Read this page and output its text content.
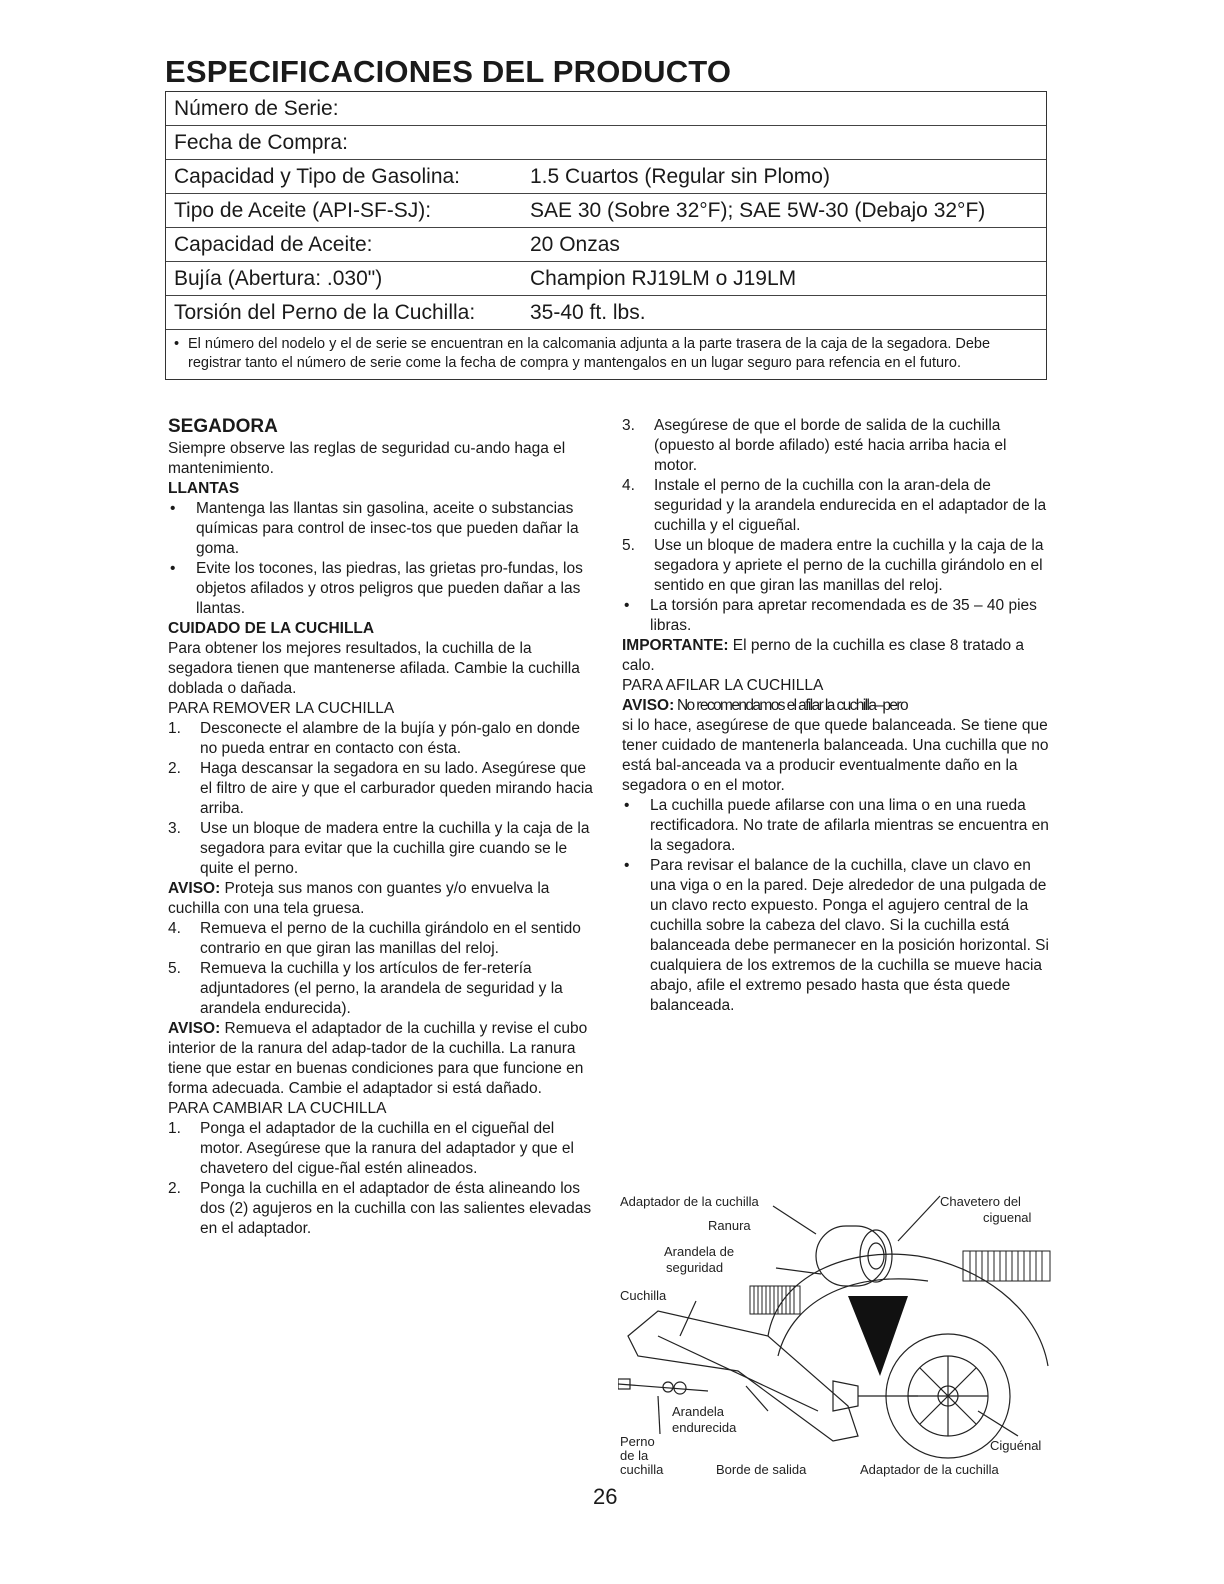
ESPECIFICACIONES DEL PRODUCTO
Número de Serie:
Fecha de Compra:
Capacidad y Tipo de Gasolina:	1.5 Cuartos (Regular sin Plomo)
Tipo de Aceite (API-SF-SJ):	SAE 30 (Sobre 32°F); SAE 5W-30 (Debajo 32°F)
Capacidad de Aceite:	20 Onzas
Bujía (Abertura: .030")	Champion RJ19LM o J19LM
Torsión del Perno de la Cuchilla:	35-40 ft. lbs.
• El número del nodelo y el de serie se encuentran en la calcomania adjunta a la parte trasera de la caja de la segadora. Debe registrar tanto el número de serie come la fecha de compra y mantengalos en un lugar seguro para refencia en el futuro.
SEGADORA
Siempre observe las reglas de seguridad cu-ando haga el mantenimiento.
LLANTAS
•	Mantenga las llantas sin gasolina, aceite o substancias químicas para control de insec-tos que pueden dañar la goma.
•	Evite los tocones, las piedras, las grietas pro-fundas, los objetos afilados y otros peligros que pueden dañar a las llantas.
CUIDADO DE LA CUCHILLA
Para obtener los mejores resultados, la cuchilla de la segadora tienen que mantenerse afilada. Cambie la cuchilla doblada o dañada.
PARA REMOVER LA CUCHILLA
1.	Desconecte el alambre de la bujía y pón-galo en donde no pueda entrar en contacto con ésta.
2.	Haga descansar la segadora en su lado. Asegúrese que el filtro de aire y que el carburador queden mirando hacia arriba.
3.	Use un bloque de madera entre la cuchilla y la caja de la segadora para evitar que la cuchilla gire cuando se le quite el perno.
AVISO: Proteja sus manos con guantes y/o envuelva la cuchilla con una tela gruesa.
4.	Remueva el perno de la cuchilla girándolo en el sentido contrario en que giran las manillas del reloj.
5.	Remueva la cuchilla y los artículos de fer-retería adjuntadores (el perno, la arandela de seguridad y la arandela endurecida).
AVISO: Remueva el adaptador de la cuchilla y revise el cubo interior de la ranura del adap-tador de la cuchilla. La ranura tiene que estar en buenas condiciones para que funcione en forma adecuada. Cambie el adaptador si está dañado.
PARA CAMBIAR LA CUCHILLA
1.	Ponga el adaptador de la cuchilla en el cigueñal del motor. Asegúrese que la ranura del adaptador y que el chavetero del cigue-ñal estén alineados.
2.	Ponga la cuchilla en el adaptador de ésta alineando los dos (2) agujeros en la cuchilla con las salientes elevadas en el adaptador.
3.	Asegúrese de que el borde de salida de la cuchilla (opuesto al borde afilado) esté hacia arriba hacia el motor.
4.	Instale el perno de la cuchilla con la aran-dela de seguridad y la arandela endurecida en el adaptador de la cuchilla y el cigueñal.
5.	Use un bloque de madera entre la cuchilla y la caja de la segadora y apriete el perno de la cuchilla girándolo en el sentido en que giran las manillas del reloj.
•	La torsión para apretar recomendada es de 35 – 40 pies libras.
IMPORTANTE: El perno de la cuchilla es clase 8 tratado a calo.
PARA AFILAR LA CUCHILLA
AVISO: No recomendamos el afilar la cuchilla–pero
si lo hace, asegúrese de que quede balanceada. Se tiene que tener cuidado de mantenerla balanceada. Una cuchilla que no está bal-anceada va a producir eventualmente daño en la segadora o en el motor.
•	La cuchilla puede afilarse con una lima o en una rueda rectificadora. No trate de afilarla mientras se encuentra en la segadora.
•	Para revisar el balance de la cuchilla, clave un clavo en una viga o en la pared. Deje alrededor de una pulgada de un clavo recto expuesto. Ponga el agujero central de la cuchilla sobre la cabeza del clavo. Si la cuchilla está balanceada debe permanecer en la posición horizontal. Si cualquiera de los extremos de la cuchilla se mueve hacia abajo, afile el extremo pesado hasta que ésta quede balanceada.
Adaptador de la cuchilla	Chavetero del
ciguenal
Ranura
Arandela de
seguridad
Cuchilla
Arandela
endurecida
Perno
de la
cuchilla
Ciguénal
Borde de salida	Adaptador de la cuchilla
26
